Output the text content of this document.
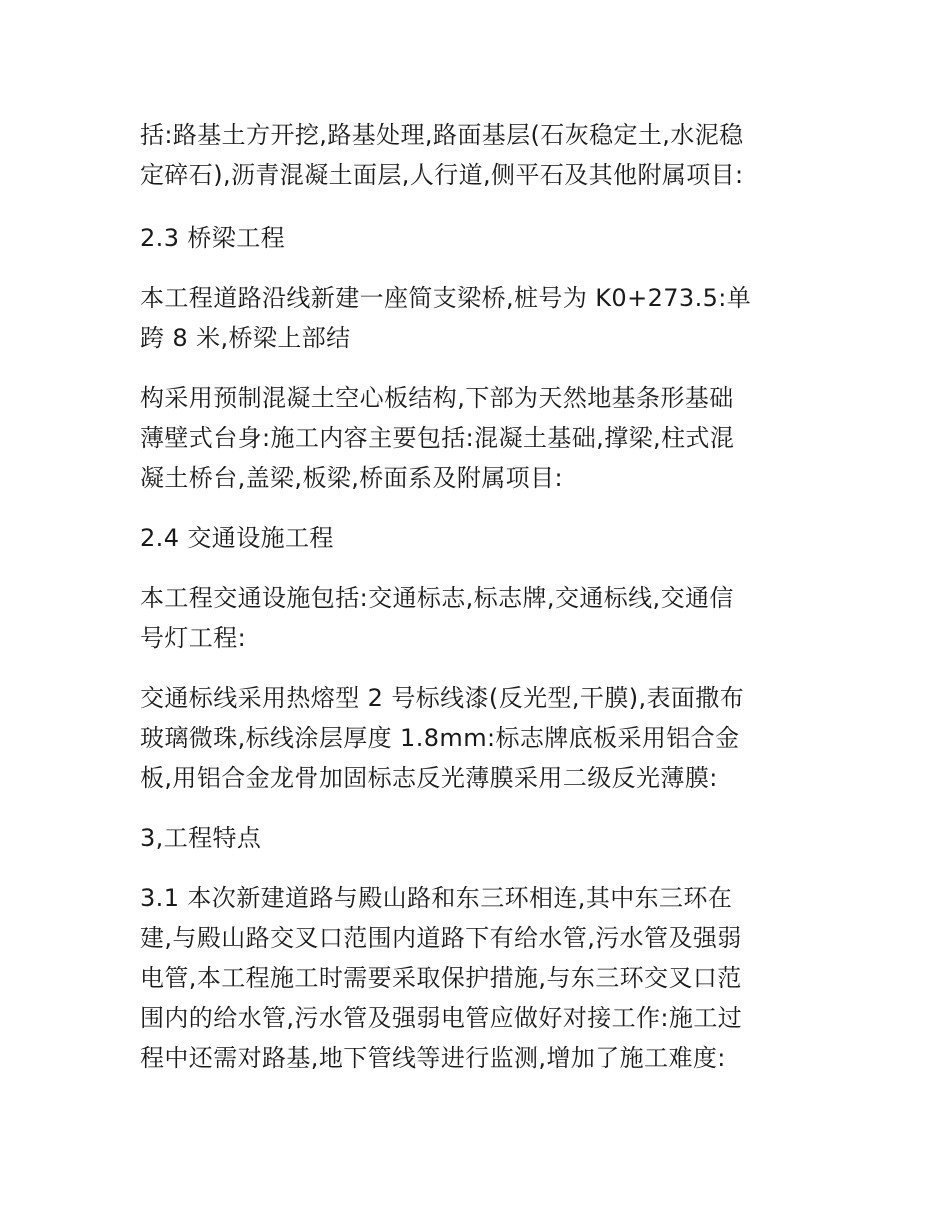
括:路基土方开挖,路基处理,路面基层(石灰稳定土,水泥稳
定碎石),沥青混凝土面层,人行道,侧平石及其他附属项目:
2.3 桥梁工程
本工程道路沿线新建一座简支梁桥,桩号为 K0+273.5:单
跨 8 米,桥梁上部结
构采用预制混凝土空心板结构,下部为天然地基条形基础
薄壁式台身:施工内容主要包括:混凝土基础,撑梁,柱式混
凝土桥台,盖梁,板梁,桥面系及附属项目:
2.4 交通设施工程
本工程交通设施包括:交通标志,标志牌,交通标线,交通信
号灯工程:
交通标线采用热熔型 2 号标线漆(反光型,干膜),表面撒布
玻璃微珠,标线涂层厚度 1.8mm:标志牌底板采用铝合金
板,用铝合金龙骨加固标志反光薄膜采用二级反光薄膜:
3,工程特点
3.1 本次新建道路与殿山路和东三环相连,其中东三环在
建,与殿山路交叉口范围内道路下有给水管,污水管及强弱
电管,本工程施工时需要采取保护措施,与东三环交叉口范
围内的给水管,污水管及强弱电管应做好对接工作:施工过
程中还需对路基,地下管线等进行监测,增加了施工难度:
